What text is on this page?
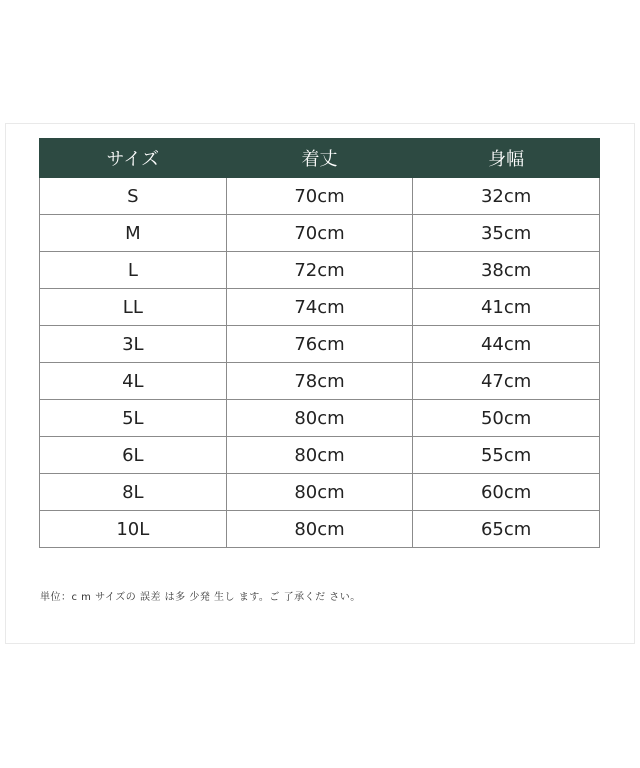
サイズ	着丈	身幅
S	70cm	32cm
M	70cm	35cm
L	72cm	38cm
LL	74cm	41cm
3L	76cm	44cm
4L	78cm	47cm
5L	80cm	50cm
6L	80cm	55cm
8L	80cm	60cm
10L	80cm	65cm
単位：c m サイズの 誤差 は多 少発 生し ます。ご 了承くだ さい。
